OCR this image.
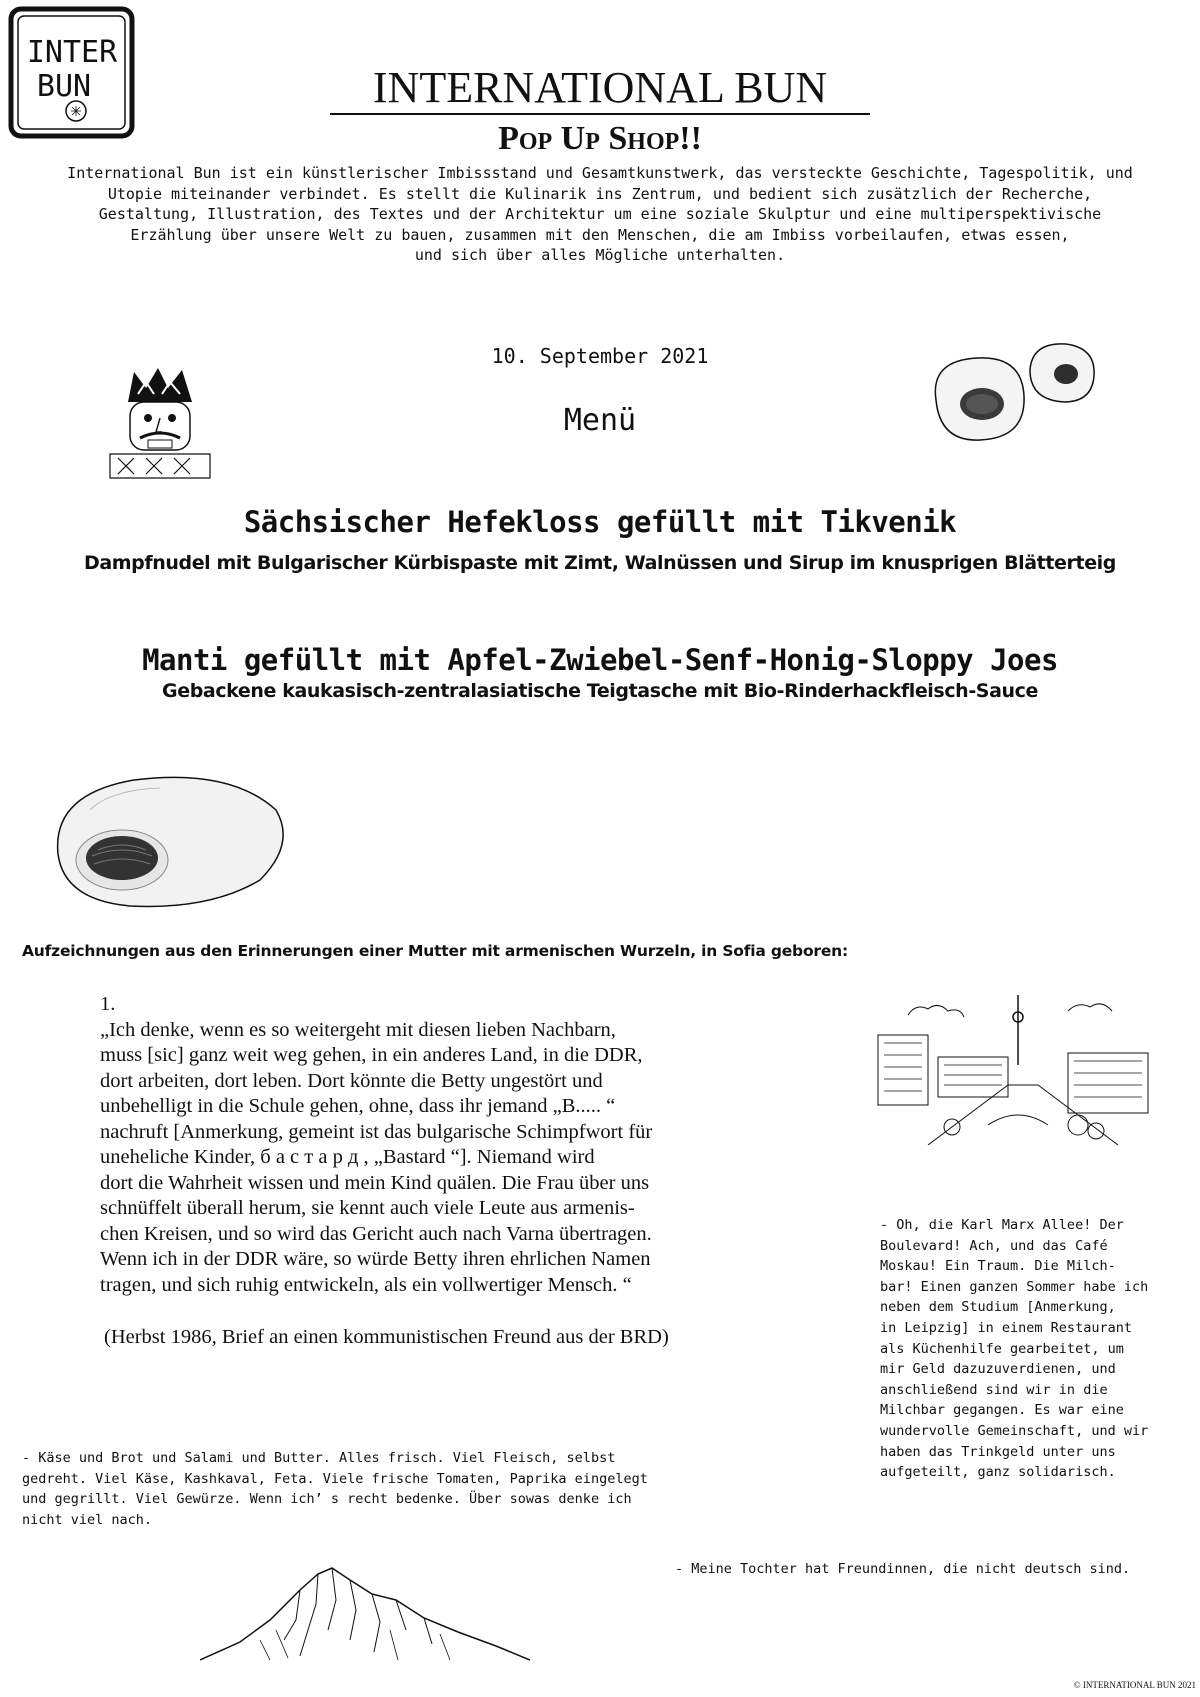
INTER
BUN	INTERNATIONAL BUN
Pop Up Shop!!
International Bun ist ein künstlerischer Imbissstand und Gesamtkunstwerk, das versteckte Geschichte, Tagespolitik, und
Utopie miteinander verbindet. Es stellt die Kulinarik ins Zentrum, und bedient sich zusätzlich der Recherche,
Gestaltung, Illustration, des Textes und der Architektur um eine soziale Skulptur und eine multiperspektivische
Erzählung über unsere Welt zu bauen, zusammen mit den Menschen, die am Imbiss vorbeilaufen, etwas essen,
und sich über alles Mögliche unterhalten.
10. September 2021
Menü
Sächsischer Hefekloss gefüllt mit Tikvenik
Dampfnudel mit Bulgarischer Kürbispaste mit Zimt, Walnüssen und Sirup im knusprigen Blätterteig
Manti gefüllt mit Apfel-Zwiebel-Senf-Honig-Sloppy Joes
Gebackene kaukasisch-zentralasiatische Teigtasche mit Bio-Rinderhackfleisch-Sauce
Aufzeichnungen aus den Erinnerungen einer Mutter mit armenischen Wurzeln, in Sofia geboren:
1.
„Ich denke, wenn es so weitergeht mit diesen lieben Nachbarn,
muss [sic] ganz weit weg gehen, in ein anderes Land, in die DDR,
dort arbeiten, dort leben. Dort könnte die Betty ungestört und
unbehelligt in die Schule gehen, ohne, dass ihr jemand „B..... “
nachruft [Anmerkung, gemeint ist das bulgarische Schimpfwort für
uneheliche Kinder, б а с т а р д , „Bastard “]. Niemand wird
dort die Wahrheit wissen und mein Kind quälen. Die Frau über uns
schnüffelt überall herum, sie kennt auch viele Leute aus armenis-
chen Kreisen, und so wird das Gericht auch nach Varna übertragen.
Wenn ich in der DDR wäre, so würde Betty ihren ehrlichen Namen
tragen, und sich ruhig entwickeln, als ein vollwertiger Mensch. “
(Herbst 1986, Brief an einen kommunistischen Freund aus der BRD)
- Oh, die Karl Marx Allee! Der
Boulevard! Ach, und das Café
Moskau! Ein Traum. Die Milch-
bar! Einen ganzen Sommer habe ich
neben dem Studium [Anmerkung,
in Leipzig] in einem Restaurant
als Küchenhilfe gearbeitet, um
mir Geld dazuzuverdienen, und
anschließend sind wir in die
Milchbar gegangen. Es war eine
wundervolle Gemeinschaft, und wir
haben das Trinkgeld unter uns
aufgeteilt, ganz solidarisch.
- Käse und Brot und Salami und Butter. Alles frisch. Viel Fleisch, selbst
gedreht. Viel Käse, Kashkaval, Feta. Viele frische Tomaten, Paprika eingelegt
und gegrillt. Viel Gewürze. Wenn ich’ s recht bedenke. Über sowas denke ich
nicht viel nach.
- Meine Tochter hat Freundinnen, die nicht deutsch sind.
© INTERNATIONAL BUN 2021
